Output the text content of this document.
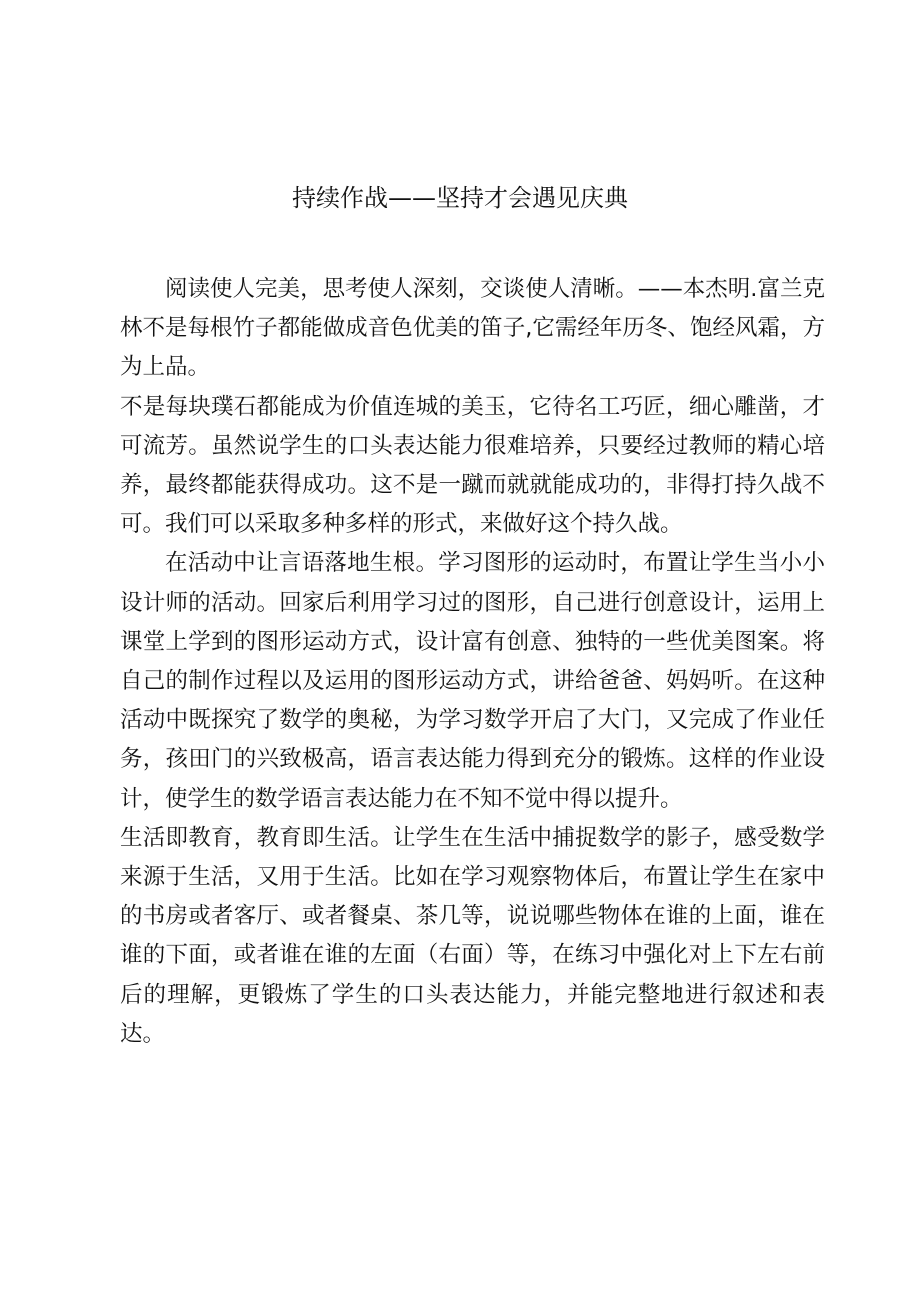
持续作战——坚持才会遇见庆典

阅读使人完美，思考使人深刻，交谈使人清晰。——本杰明.富兰克林不是每根竹子都能做成音色优美的笛子,它需经年历冬、饱经风霜，方为上品。

不是每块璞石都能成为价值连城的美玉，它待名工巧匠，细心雕凿，才可流芳。虽然说学生的口头表达能力很难培养，只要经过教师的精心培养，最终都能获得成功。这不是一蹴而就就能成功的，非得打持久战不可。我们可以采取多种多样的形式，来做好这个持久战。

在活动中让言语落地生根。学习图形的运动时，布置让学生当小小设计师的活动。回家后利用学习过的图形，自己进行创意设计，运用上课堂上学到的图形运动方式，设计富有创意、独特的一些优美图案。将自己的制作过程以及运用的图形运动方式，讲给爸爸、妈妈听。在这种活动中既探究了数学的奥秘，为学习数学开启了大门，又完成了作业任务，孩田门的兴致极高，语言表达能力得到充分的锻炼。这样的作业设计，使学生的数学语言表达能力在不知不觉中得以提升。

生活即教育，教育即生活。让学生在生活中捕捉数学的影子，感受数学来源于生活，又用于生活。比如在学习观察物体后，布置让学生在家中的书房或者客厅、或者餐桌、茶几等，说说哪些物体在谁的上面，谁在谁的下面，或者谁在谁的左面（右面）等，在练习中强化对上下左右前后的理解，更锻炼了学生的口头表达能力，并能完整地进行叙述和表达。
